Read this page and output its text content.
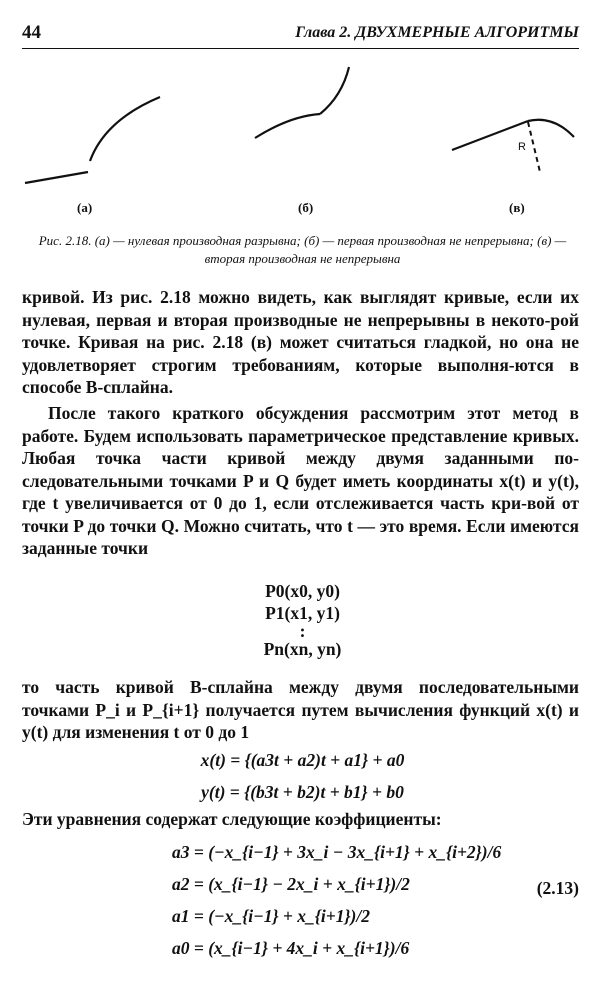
44	Глава 2. ДВУХМЕРНЫЕ АЛГОРИТМЫ
R
(а)	(б)	(в)
Рис. 2.18. (а) — нулевая производная разрывна; (б) — первая производная не непрерывна; (в) — вторая производная не непрерывна
кривой. Из рис. 2.18 можно видеть, как выглядят кривые, если их нулевая, первая и вторая производные не непрерывны в некото-рой точке. Кривая на рис. 2.18 (в) может считаться гладкой, но она не удовлетворяет строгим требованиям, которые выполня-ются в способе B-сплайна.
После такого краткого обсуждения рассмотрим этот метод в работе. Будем использовать параметрическое представление кривых. Любая точка части кривой между двумя заданными по-следовательными точками P и Q будет иметь координаты x(t) и y(t), где t увеличивается от 0 до 1, если отслеживается часть кри-вой от точки P до точки Q. Можно считать, что t — это время. Если имеются заданные точки
P0(x0, y0)
P1(x1, y1)
:
Pn(xn, yn)
то часть кривой B-сплайна между двумя последовательными точками P_i и P_{i+1} получается путем вычисления функций x(t) и y(t) для изменения t от 0 до 1
x(t) = {(a3t + a2)t + a1} + a0
y(t) = {(b3t + b2)t + b1} + b0
Эти уравнения содержат следующие коэффициенты:
a3 = (−x_{i−1} + 3x_i − 3x_{i+1} + x_{i+2})/6
a2 = (x_{i−1} − 2x_i + x_{i+1})/2
a1 = (−x_{i−1} + x_{i+1})/2
a0 = (x_{i−1} + 4x_i + x_{i+1})/6
(2.13)
